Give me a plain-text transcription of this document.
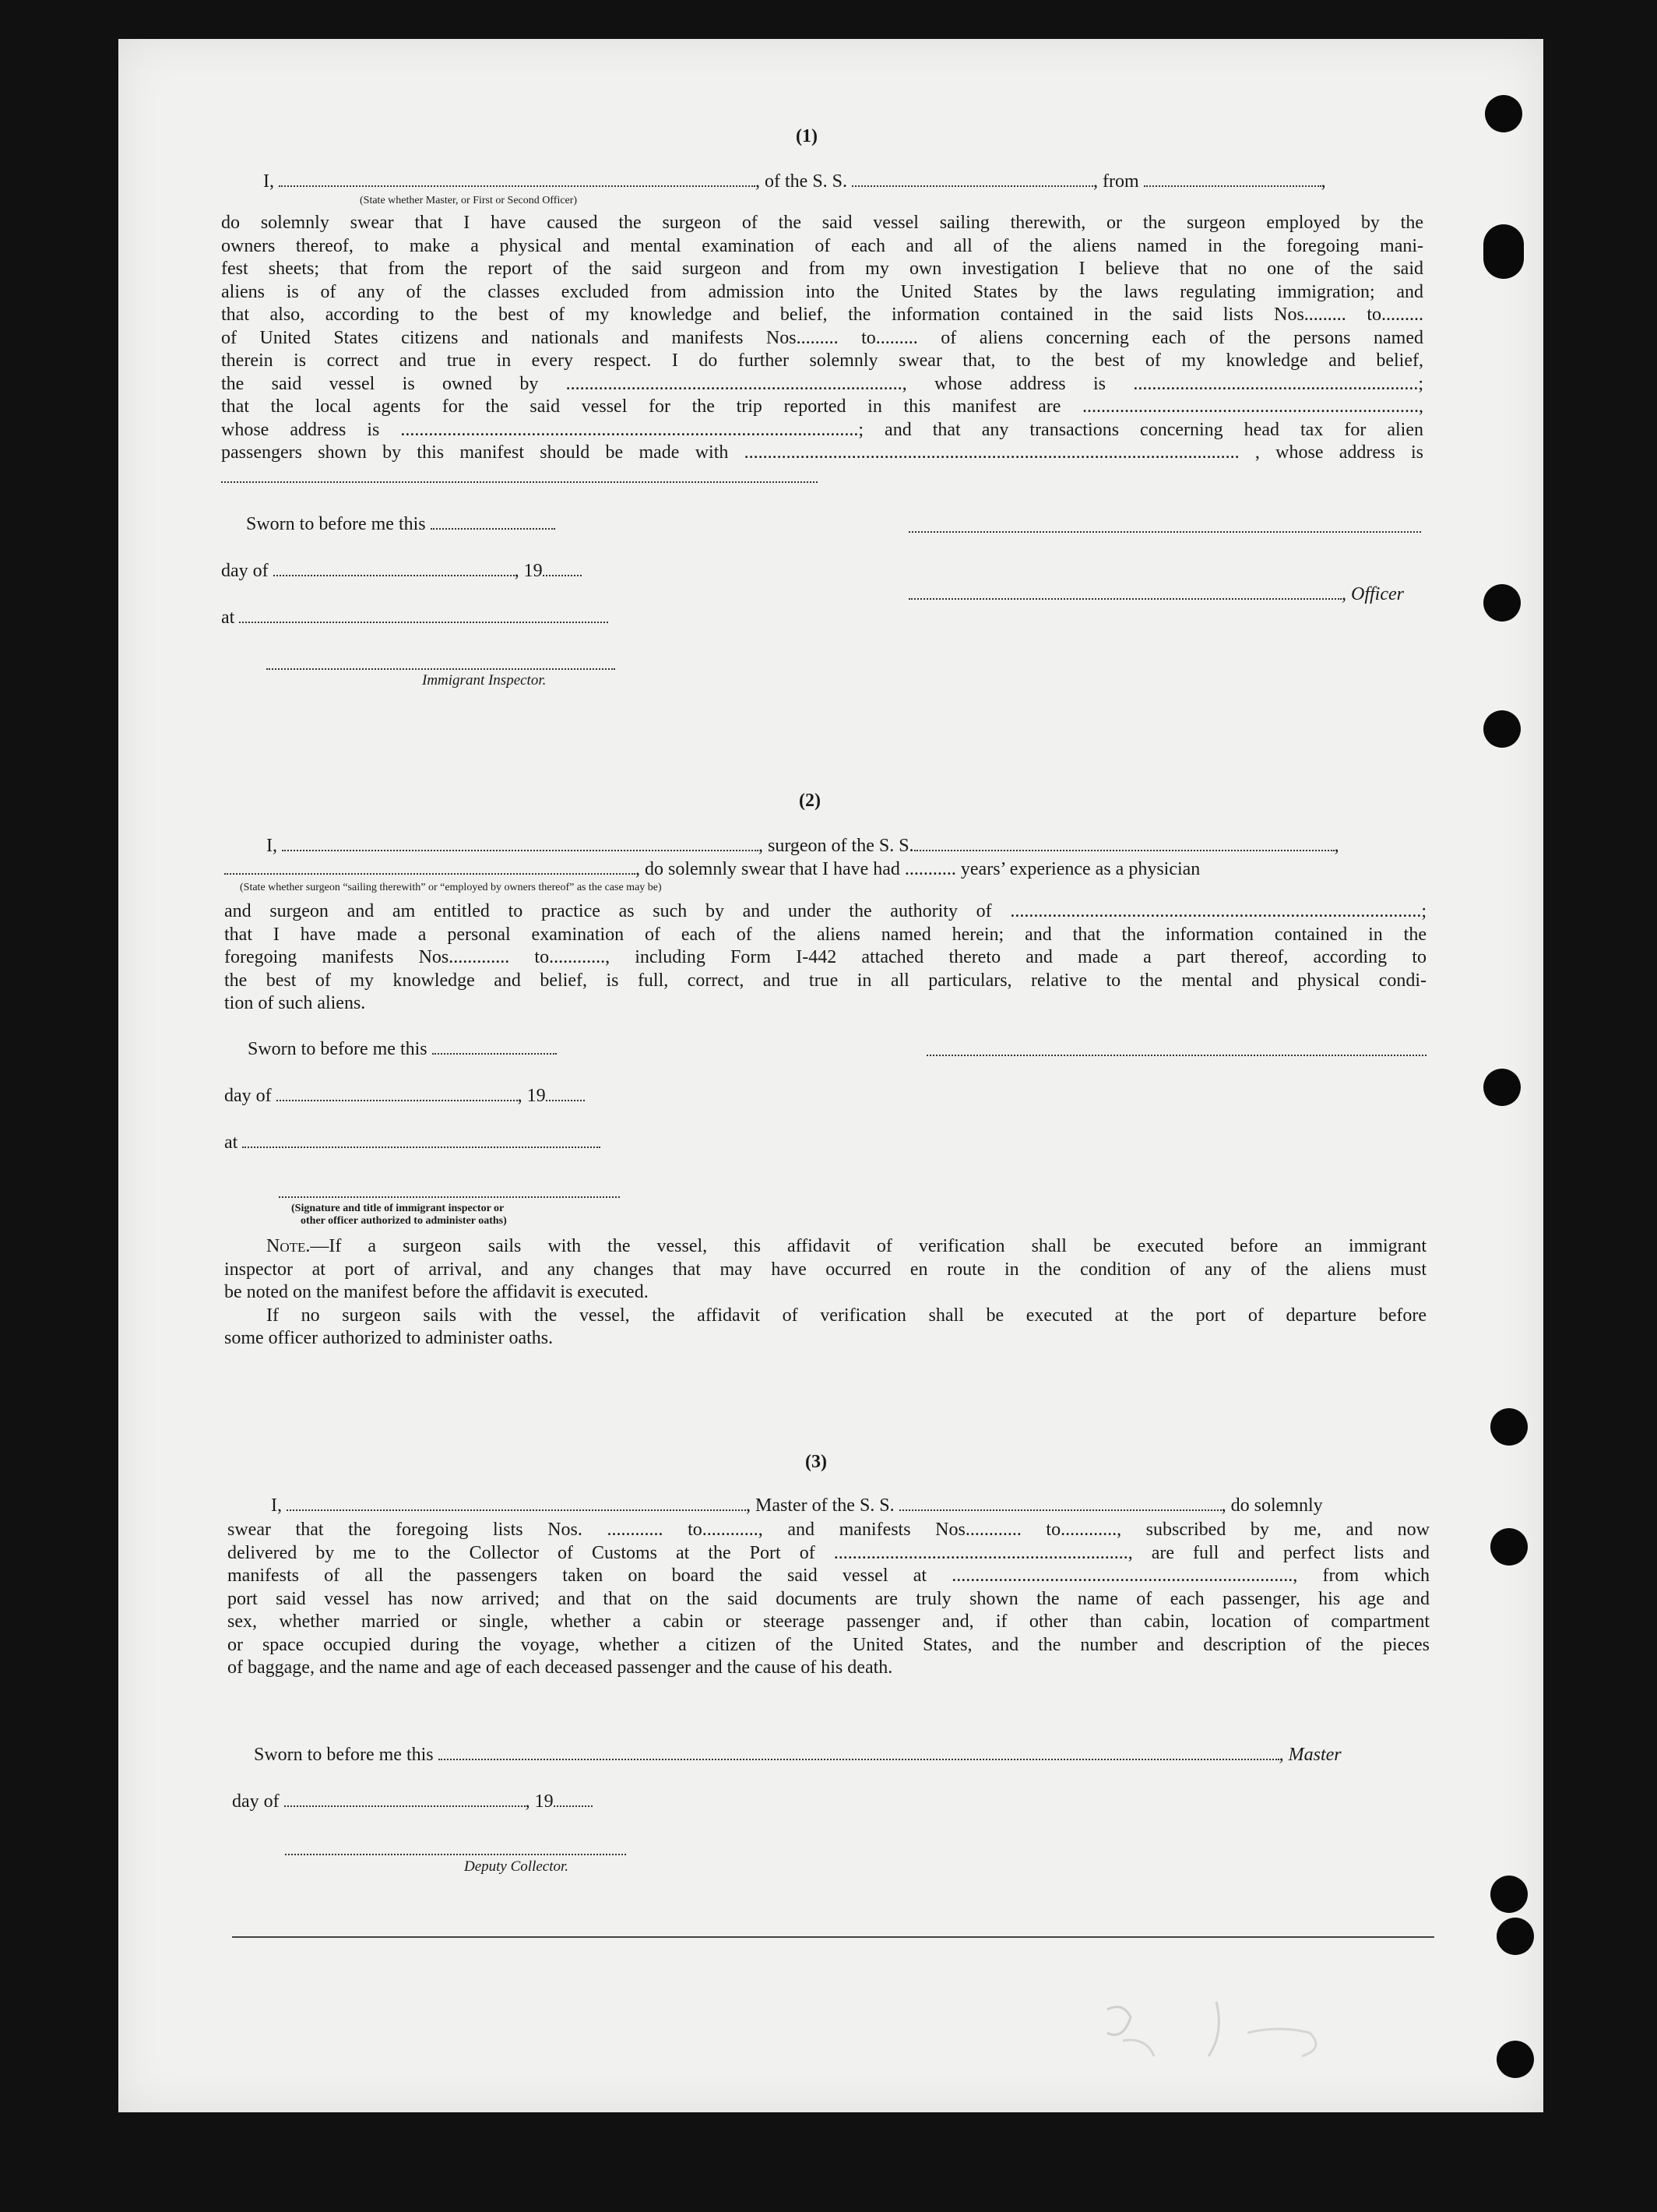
(1)
I,	, of the S. S.	, from	,
(State whether Master, or First or Second Officer)
do solemnly swear that I have caused the surgeon of the said vessel sailing therewith, or the surgeon employed by the
owners thereof, to make a physical and mental examination of each and all of the aliens named in the foregoing mani-
fest sheets; that from the report of the said surgeon and from my own investigation I believe that no one of the said
aliens is of any of the classes excluded from admission into the United States by the laws regulating immigration; and
that also, according to the best of my knowledge and belief, the information contained in the said lists Nos......... to.........
of United States citizens and nationals and manifests Nos......... to......... of aliens concerning each of the persons named
therein is correct and true in every respect. I do further solemnly swear that, to the best of my knowledge and belief,
the said vessel is owned by ........................................................................, whose address is .............................................................;
that the local agents for the said vessel for the trip reported in this manifest are ........................................................................,
whose address is ..................................................................................................; and that any transactions concerning head tax for alien
passengers shown by this manifest should be made with .......................................................................................................... , whose address is
Sworn to before me this
day of	, 19
, Officer
at
Immigrant Inspector.
(2)
I,	, surgeon of the S. S.	,
, do solemnly swear that I have had ........... years’ experience as a physician
(State whether surgeon “sailing therewith” or “employed by owners thereof” as the case may be)
and surgeon and am entitled to practice as such by and under the authority of ........................................................................................;
that I have made a personal examination of each of the aliens named herein; and that the information contained in the
foregoing manifests Nos............. to............, including Form I-442 attached thereto and made a part thereof, according to
the best of my knowledge and belief, is full, correct, and true in all particulars, relative to the mental and physical condi-
tion of such aliens.
Sworn to before me this
day of	, 19
at
(Signature and title of immigrant inspector or
other officer authorized to administer oaths)
Note.—If a surgeon sails with the vessel, this affidavit of verification shall be executed before an immigrant
inspector at port of arrival, and any changes that may have occurred en route in the condition of any of the aliens must
be noted on the manifest before the affidavit is executed.
If no surgeon sails with the vessel, the affidavit of verification shall be executed at the port of departure before
some officer authorized to administer oaths.
(3)
I,	, Master of the S. S.	, do solemnly
swear that the foregoing lists Nos. ............ to............, and manifests Nos............ to............, subscribed by me, and now
delivered by me to the Collector of Customs at the Port of ..............................................................., are full and perfect lists and
manifests of all the passengers taken on board the said vessel at ........................................................................., from which
port said vessel has now arrived; and that on the said documents are truly shown the name of each passenger, his age and
sex, whether married or single, whether a cabin or steerage passenger and, if other than cabin, location of compartment
or space occupied during the voyage, whether a citizen of the United States, and the number and description of the pieces
of baggage, and the name and age of each deceased passenger and the cause of his death.
Sworn to before me this	, Master
day of	, 19
Deputy Collector.
